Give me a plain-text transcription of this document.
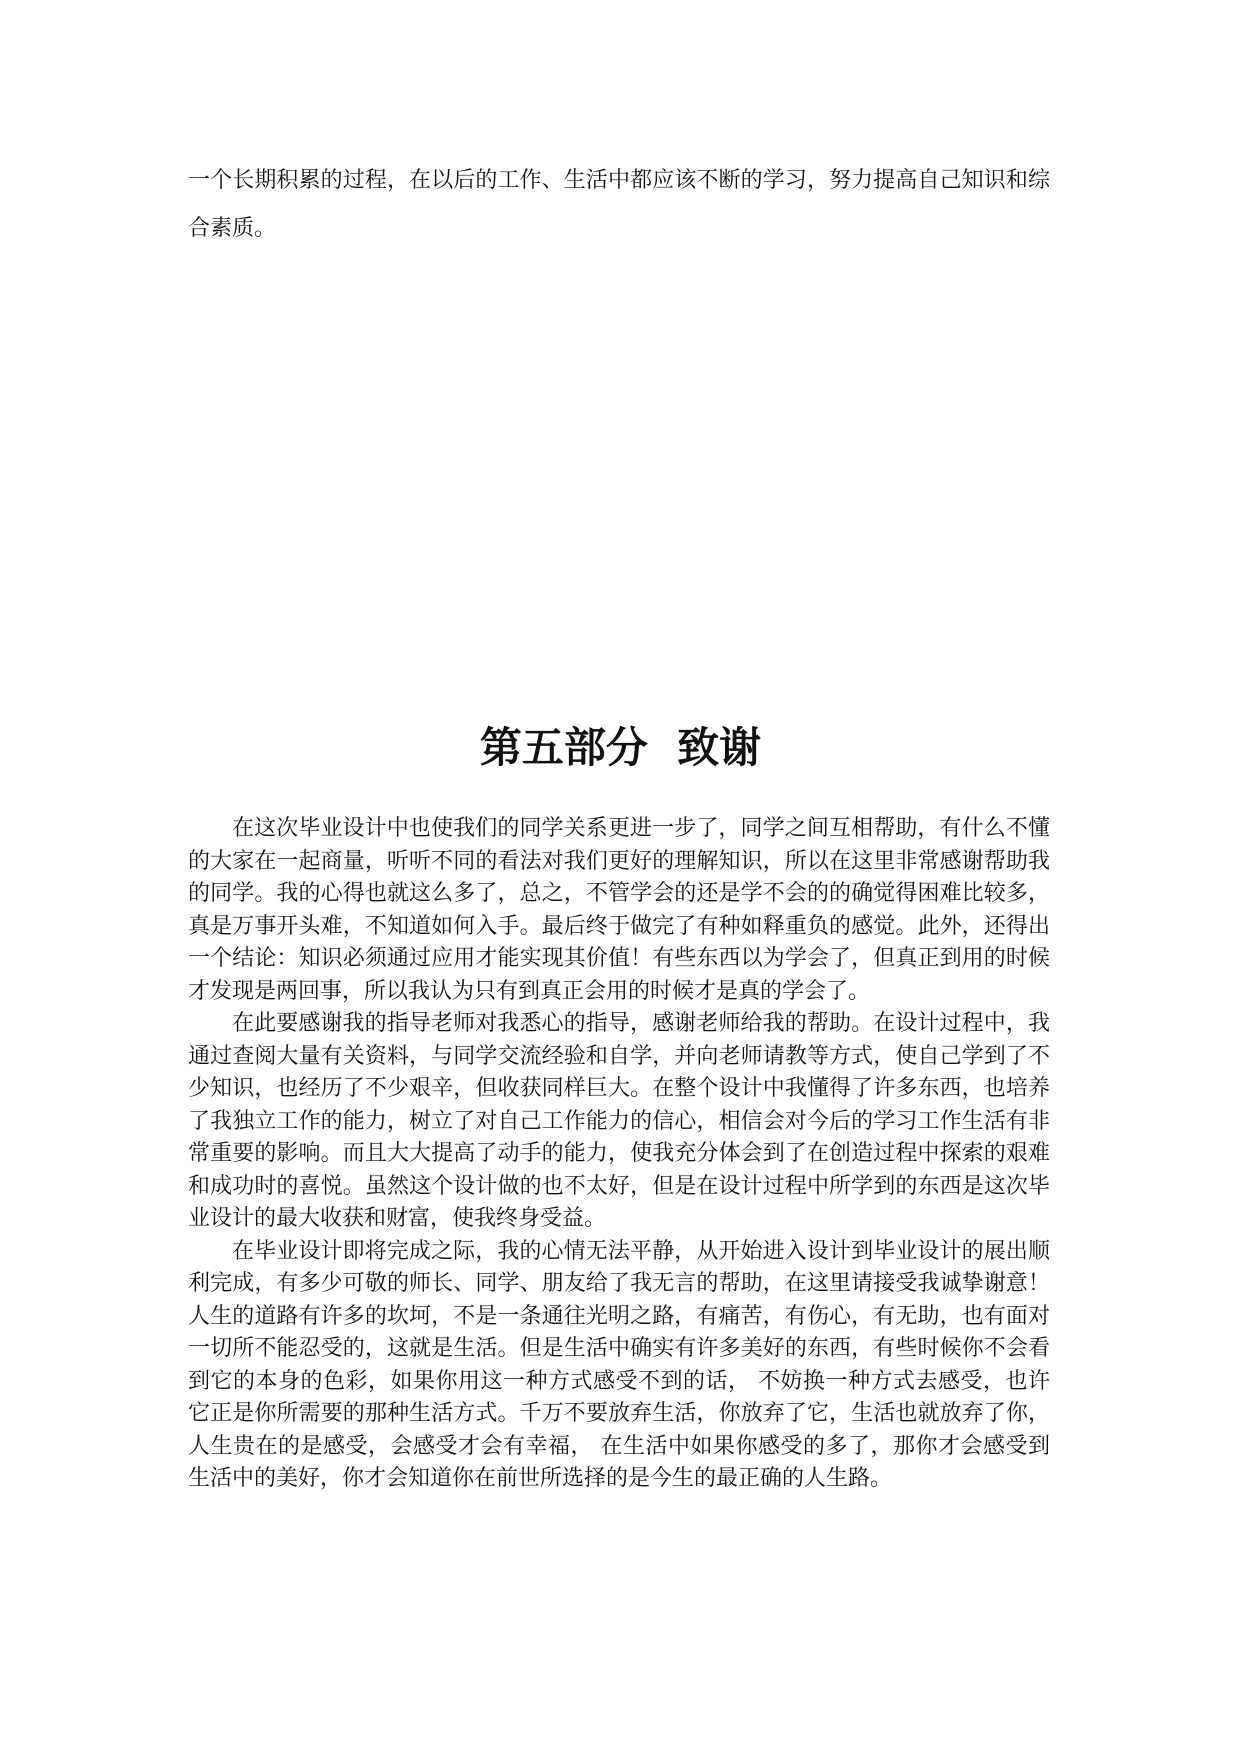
一个长期积累的过程，在以后的工作、生活中都应该不断的学习，努力提高自己知识和综合素质。

第五部分  致谢

在这次毕业设计中也使我们的同学关系更进一步了，同学之间互相帮助，有什么不懂的大家在一起商量，听听不同的看法对我们更好的理解知识，所以在这里非常感谢帮助我的同学。我的心得也就这么多了，总之，不管学会的还是学不会的的确觉得困难比较多，真是万事开头难，不知道如何入手。最后终于做完了有种如释重负的感觉。此外，还得出一个结论：知识必须通过应用才能实现其价值！有些东西以为学会了，但真正到用的时候才发现是两回事，所以我认为只有到真正会用的时候才是真的学会了。

在此要感谢我的指导老师对我悉心的指导，感谢老师给我的帮助。在设计过程中，我通过查阅大量有关资料，与同学交流经验和自学，并向老师请教等方式，使自己学到了不少知识，也经历了不少艰辛，但收获同样巨大。在整个设计中我懂得了许多东西，也培养了我独立工作的能力，树立了对自己工作能力的信心，相信会对今后的学习工作生活有非常重要的影响。而且大大提高了动手的能力，使我充分体会到了在创造过程中探索的艰难和成功时的喜悦。虽然这个设计做的也不太好，但是在设计过程中所学到的东西是这次毕业设计的最大收获和财富，使我终身受益。

在毕业设计即将完成之际，我的心情无法平静，从开始进入设计到毕业设计的展出顺利完成，有多少可敬的师长、同学、朋友给了我无言的帮助，在这里请接受我诚挚谢意！人生的道路有许多的坎坷，不是一条通往光明之路，有痛苦，有伤心，有无助，也有面对一切所不能忍受的，这就是生活。但是生活中确实有许多美好的东西，有些时候你不会看到它的本身的色彩，如果你用这一种方式感受不到的话， 不妨换一种方式去感受，也许它正是你所需要的那种生活方式。千万不要放弃生活，你放弃了它，生活也就放弃了你，人生贵在的是感受，会感受才会有幸福， 在生活中如果你感受的多了，那你才会感受到生活中的美好，你才会知道你在前世所选择的是今生的最正确的人生路。
